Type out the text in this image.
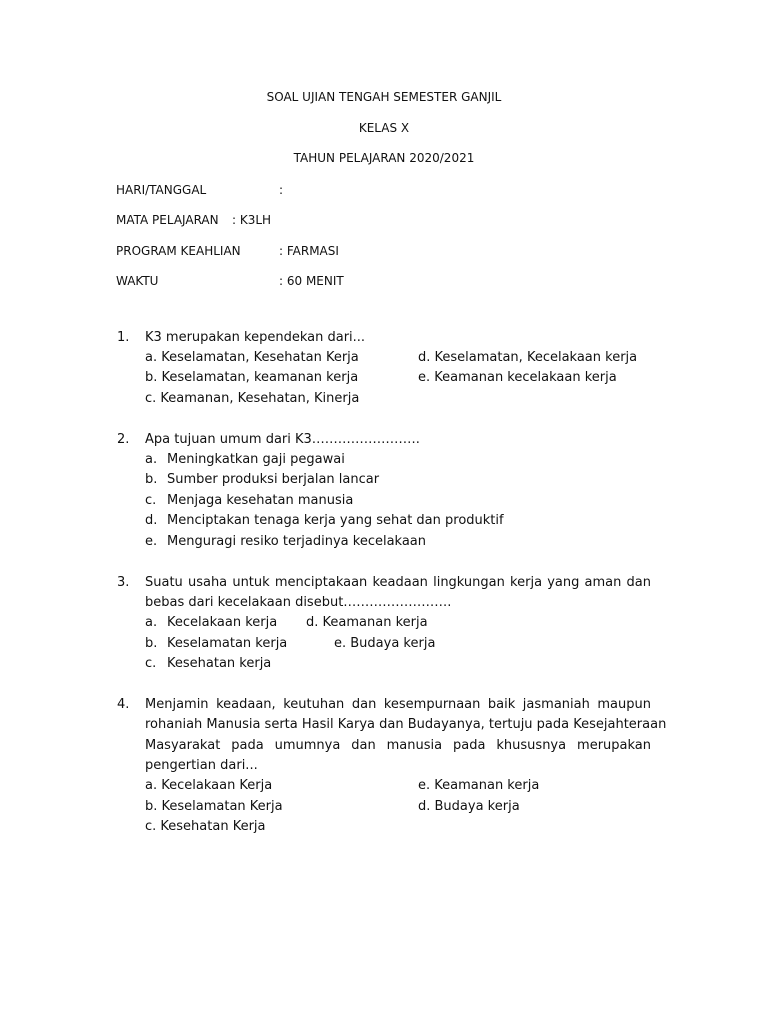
SOAL UJIAN TENGAH SEMESTER GANJIL
KELAS X
TAHUN PELAJARAN 2020/2021
HARI/TANGGAL	:
MATA PELAJARAN : K3LH
PROGRAM KEAHLIAN	: FARMASI
WAKTU	: 60 MENIT
1. K3 merupakan kependekan dari...
a. Keselamatan, Kesehatan Kerja	d. Keselamatan, Kecelakaan kerja
b. Keselamatan, keamanan kerja	e. Keamanan kecelakaan kerja
c. Keamanan, Kesehatan, Kinerja
2. Apa tujuan umum dari K3…………………….
a. Meningkatkan gaji pegawai
b. Sumber produksi berjalan lancar
c. Menjaga kesehatan manusia
d. Menciptakan tenaga kerja yang sehat dan produktif
e. Menguragi resiko terjadinya kecelakaan
3. Suatu usaha untuk menciptakaan keadaan lingkungan kerja yang aman dan
bebas dari kecelakaan disebut…………………….
a. Kecelakaan kerja d. Keamanan kerja
b. Keselamatan kerja	e. Budaya kerja
c. Kesehatan kerja
4. Menjamin keadaan, keutuhan dan kesempurnaan baik jasmaniah maupun
rohaniah Manusia serta Hasil Karya dan Budayanya, tertuju pada Kesejahteraan
Masyarakat pada umumnya dan manusia pada khususnya merupakan
pengertian dari...
a. Kecelakaan Kerja	e. Keamanan kerja
b. Keselamatan Kerja	d. Budaya kerja
c. Kesehatan Kerja
